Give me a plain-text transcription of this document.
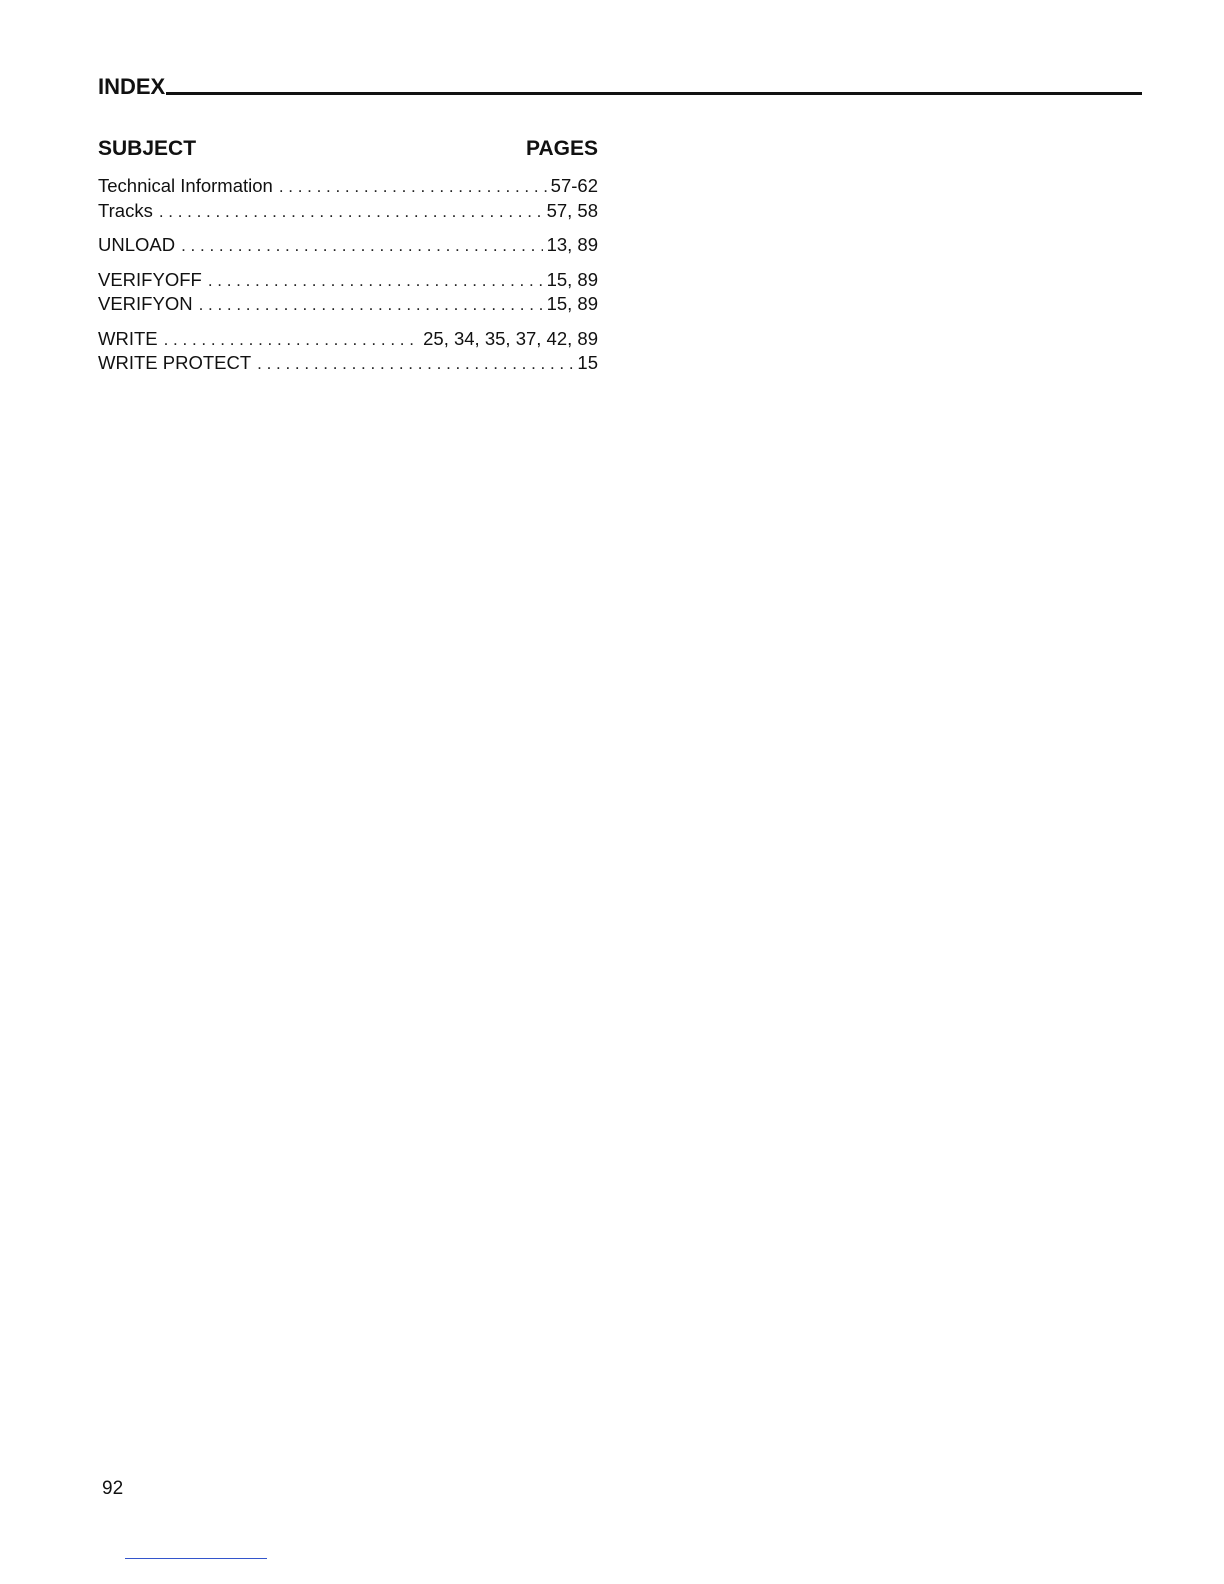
INDEX
SUBJECT	PAGES
Technical Information . . .	57-62
Tracks . . .	57, 58
UNLOAD . . .	13, 89
VERIFYOFF . . .	15, 89
VERIFYON . . .	15, 89
WRITE . . .	25, 34, 35, 37, 42, 89
WRITE PROTECT . . .	15
92
